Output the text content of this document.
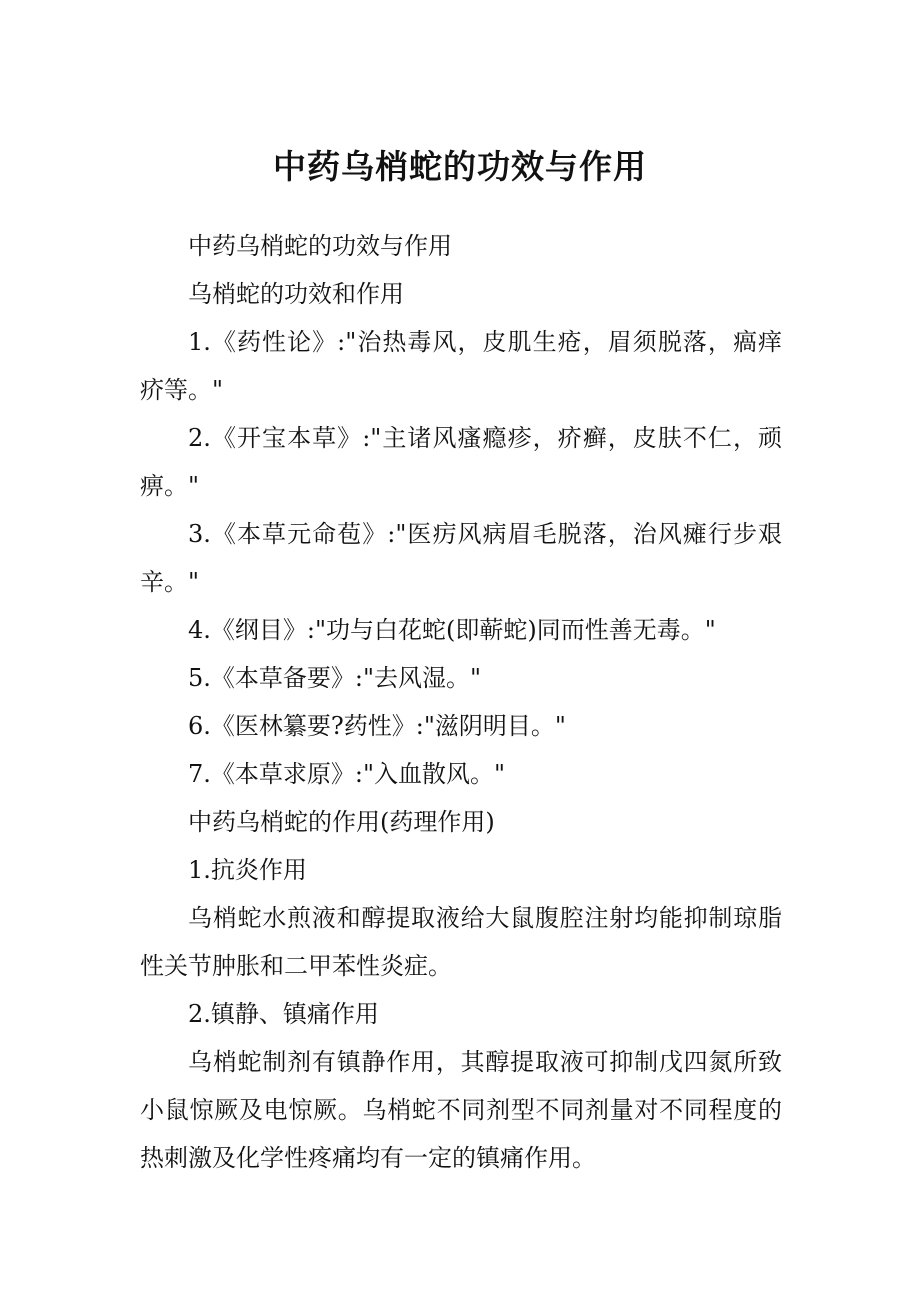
中药乌梢蛇的功效与作用

中药乌梢蛇的功效与作用

乌梢蛇的功效和作用

1.《药性论》:"治热毒风，皮肌生疮，眉须脱落，瘑痒疥等。"

2.《开宝本草》:"主诸风瘙瘾疹，疥癣，皮肤不仁，顽痹。"

3.《本草元命苞》:"医疠风病眉毛脱落，治风瘫行步艰辛。"

4.《纲目》:"功与白花蛇(即蕲蛇)同而性善无毒。"

5.《本草备要》:"去风湿。"

6.《医林纂要?药性》:"滋阴明目。"

7.《本草求原》:"入血散风。"

中药乌梢蛇的作用(药理作用)

1.抗炎作用

乌梢蛇水煎液和醇提取液给大鼠腹腔注射均能抑制琼脂性关节肿胀和二甲苯性炎症。

2.镇静、镇痛作用

乌梢蛇制剂有镇静作用，其醇提取液可抑制戊四氮所致小鼠惊厥及电惊厥。乌梢蛇不同剂型不同剂量对不同程度的热刺激及化学性疼痛均有一定的镇痛作用。
